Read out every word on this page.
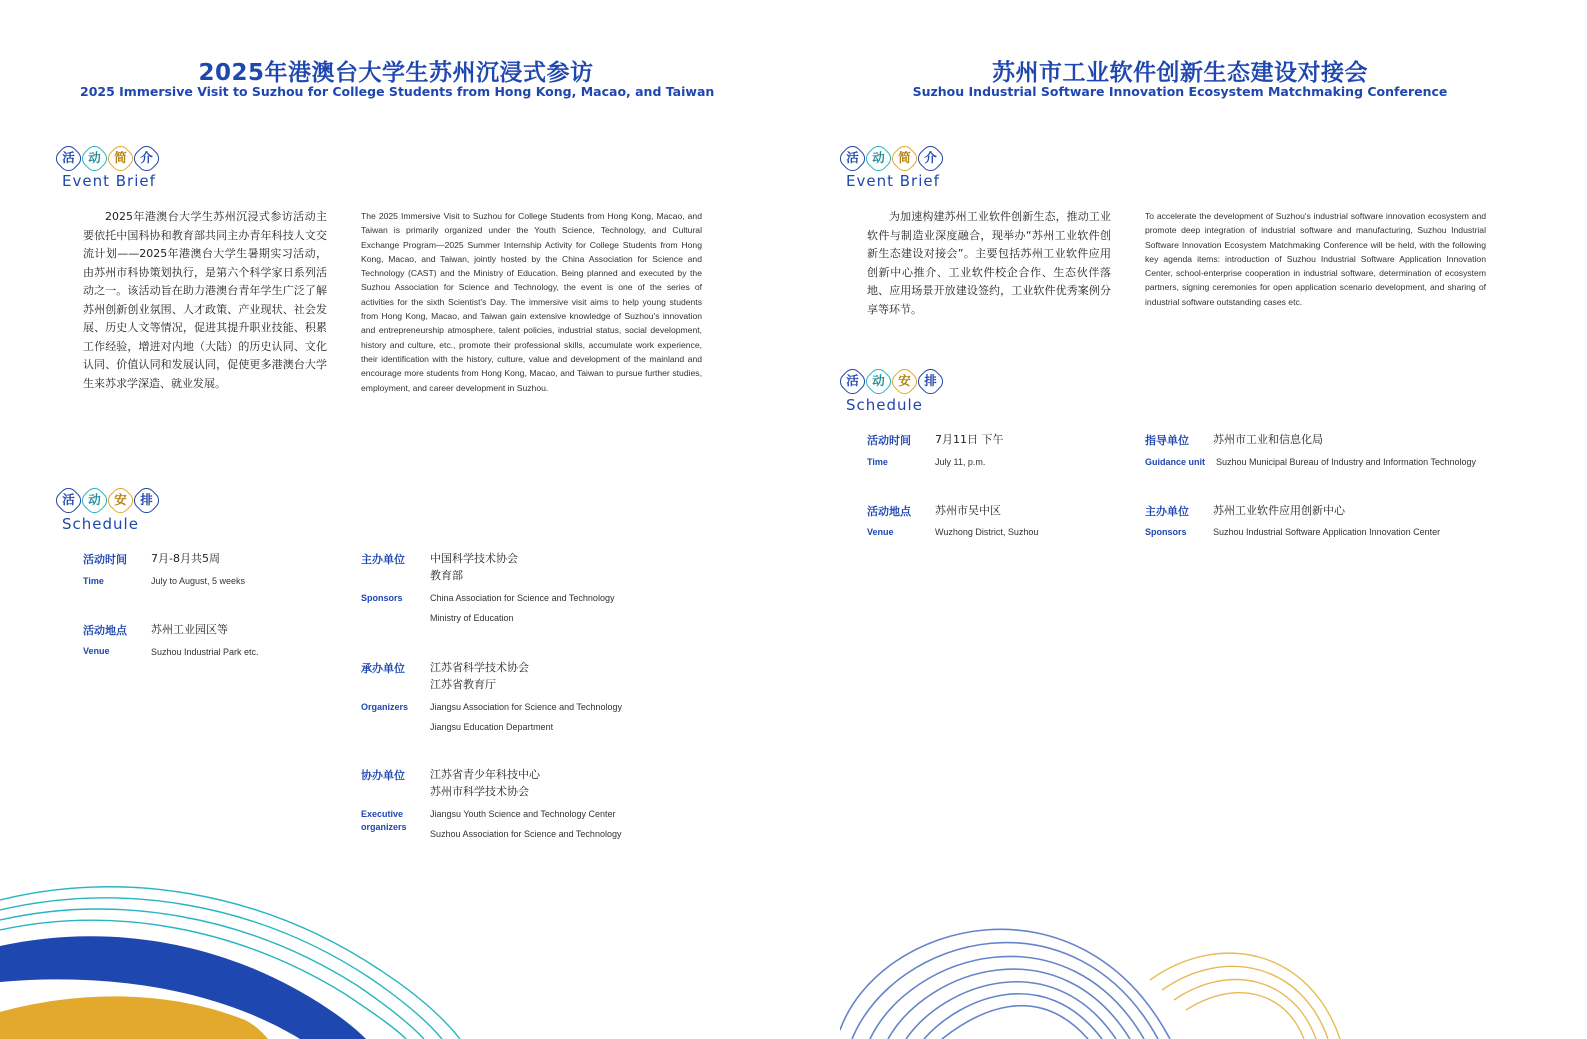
2025年港澳台大学生苏州沉浸式参访
2025 Immersive Visit to Suzhou for College Students from Hong Kong, Macao, and Taiwan
活 动 简 介
Event Brief
2025年港澳台大学生苏州沉浸式参访活动主要依托中国科协和教育部共同主办青年科技人文交流计划——2025年港澳台大学生暑期实习活动，由苏州市科协策划执行，是第六个科学家日系列活动之一。该活动旨在助力港澳台青年学生广泛了解苏州创新创业氛围、人才政策、产业现状、社会发展、历史人文等情况，促进其提升职业技能、积累工作经验，增进对内地（大陆）的历史认同、文化认同、价值认同和发展认同，促使更多港澳台大学生来苏求学深造、就业发展。
The 2025 Immersive Visit to Suzhou for College Students from Hong Kong, Macao, and Taiwan is primarily organized under the Youth Science, Technology, and Cultural Exchange Program—2025 Summer Internship Activity for College Students from Hong Kong, Macao, and Taiwan, jointly hosted by the China Association for Science and Technology (CAST) and the Ministry of Education. Being planned and executed by the Suzhou Association for Science and Technology, the event is one of the series of activities for the sixth Scientist's Day. The immersive visit aims to help young students from Hong Kong, Macao, and Taiwan gain extensive knowledge of Suzhou's innovation and entrepreneurship atmosphere, talent policies, industrial status, social development, history and culture, etc., promote their professional skills, accumulate work experience, their identification with the history, culture, value and development of the mainland and encourage more students from Hong Kong, Macao, and Taiwan to pursue further studies, employment, and career development in Suzhou.
活 动 安 排
Schedule
活动时间 7月-8月共5周
Time	July to August, 5 weeks
活动地点 苏州工业园区等
Venue	Suzhou Industrial Park etc.
主办单位 中国科学技术协会
教育部
Sponsors	China Association for Science and Technology
Ministry of Education
承办单位 江苏省科学技术协会
江苏省教育厅
Organizers Jiangsu Association for Science and Technology
Jiangsu Education Department
协办单位 江苏省青少年科技中心
苏州市科学技术协会
Executive organizers
Jiangsu Youth Science and Technology Center
Suzhou Association for Science and Technology
苏州市工业软件创新生态建设对接会
Suzhou Industrial Software Innovation Ecosystem Matchmaking Conference
活 动 简 介
Event Brief
为加速构建苏州工业软件创新生态，推动工业软件与制造业深度融合，现举办“苏州工业软件创新生态建设对接会”。主要包括苏州工业软件应用创新中心推介、工业软件校企合作、生态伙伴落地、应用场景开放建设签约，工业软件优秀案例分享等环节。
To accelerate the development of Suzhou's industrial software innovation ecosystem and promote deep integration of industrial software and manufacturing, Suzhou Industrial Software Innovation Ecosystem Matchmaking Conference will be held, with the following key agenda items: introduction of Suzhou Industrial Software Application Innovation Center, school-enterprise cooperation in industrial software, determination of ecosystem partners, signing ceremonies for open application scenario development, and sharing of industrial software outstanding cases etc.
活 动 安 排
Schedule
活动时间 7月11日 下午
Time	July 11, p.m.
活动地点 苏州市吴中区
Venue	Wuzhong District, Suzhou
指导单位 苏州市工业和信息化局
Guidance unit Suzhou Municipal Bureau of Industry and Information Technology
主办单位 苏州工业软件应用创新中心
Sponsors	Suzhou Industrial Software Application Innovation Center
